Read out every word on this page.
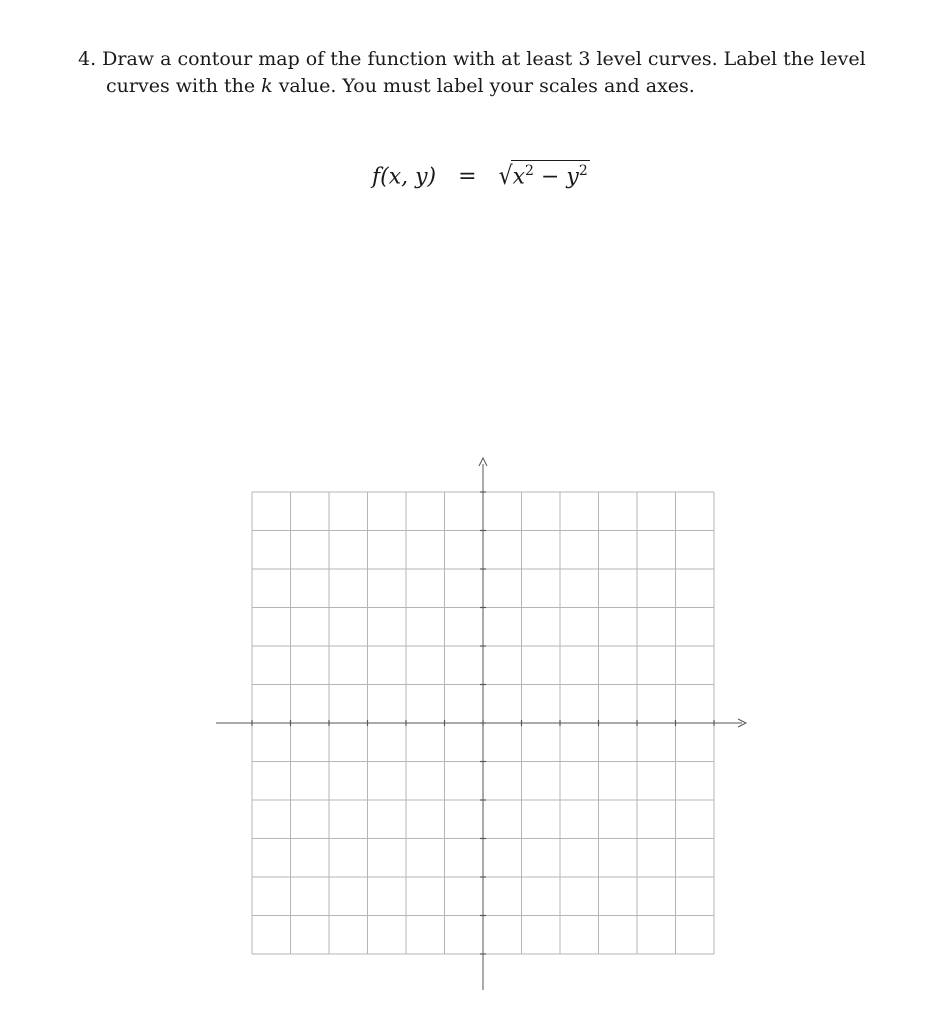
4. Draw a contour map of the function with at least 3 level curves. Label the level
curves with the k value. You must label your scales and axes.
f(x, $y) = √x^2 - y^2$
